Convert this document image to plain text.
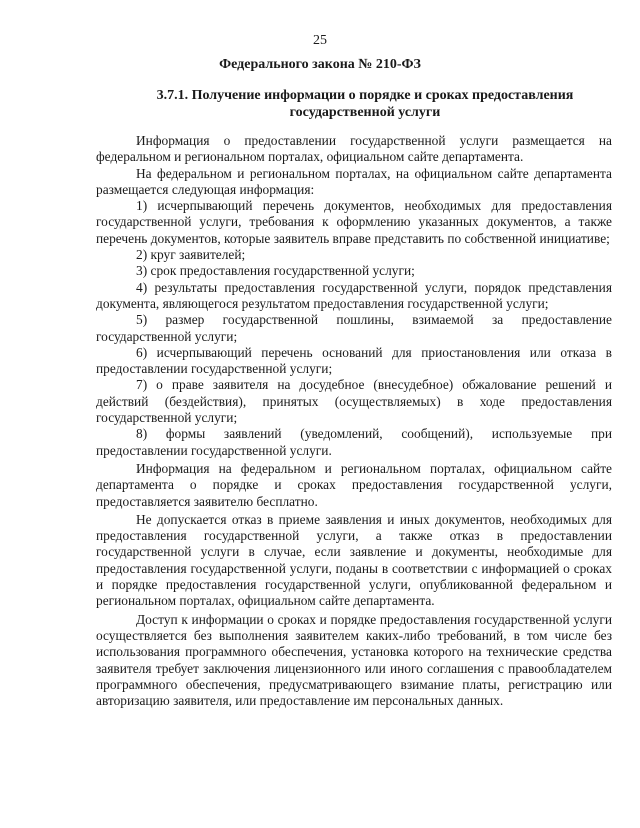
25
Федерального закона № 210-ФЗ
3.7.1. Получение информации о порядке и сроках предоставления государственной услуги

Информация о предоставлении государственной услуги размещается на федеральном и региональном порталах, официальном сайте департамента.

На федеральном и региональном порталах, на официальном сайте департамента размещается следующая информация:

1) исчерпывающий перечень документов, необходимых для предоставления государственной услуги, требования к оформлению указанных документов, а также перечень документов, которые заявитель вправе представить по собственной инициативе;

2) круг заявителей;

3) срок предоставления государственной услуги;

4) результаты предоставления государственной услуги, порядок представления документа, являющегося результатом предоставления государственной услуги;

5) размер государственной пошлины, взимаемой за предоставление государственной услуги;

6) исчерпывающий перечень оснований для приостановления или отказа в предоставлении государственной услуги;

7) о праве заявителя на досудебное (внесудебное) обжалование решений и действий (бездействия), принятых (осуществляемых) в ходе предоставления государственной услуги;

8) формы заявлений (уведомлений, сообщений), используемые при предоставлении государственной услуги.

Информация на федеральном и региональном порталах, официальном сайте департамента о порядке и сроках предоставления государственной услуги, предоставляется заявителю бесплатно.

Не допускается отказ в приеме заявления и иных документов, необходимых для предоставления государственной услуги, а также отказ в предоставлении государственной услуги в случае, если заявление и документы, необходимые для предоставления государственной услуги, поданы в соответствии с информацией о сроках и порядке предоставления государственной услуги, опубликованной федеральном и региональном порталах, официальном сайте департамента.

Доступ к информации о сроках и порядке предоставления государственной услуги осуществляется без выполнения заявителем каких-либо требований, в том числе без использования программного обеспечения, установка которого на технические средства заявителя требует заключения лицензионного или иного соглашения с правообладателем программного обеспечения, предусматривающего взимание платы, регистрацию или авторизацию заявителя, или предоставление им персональных данных.
